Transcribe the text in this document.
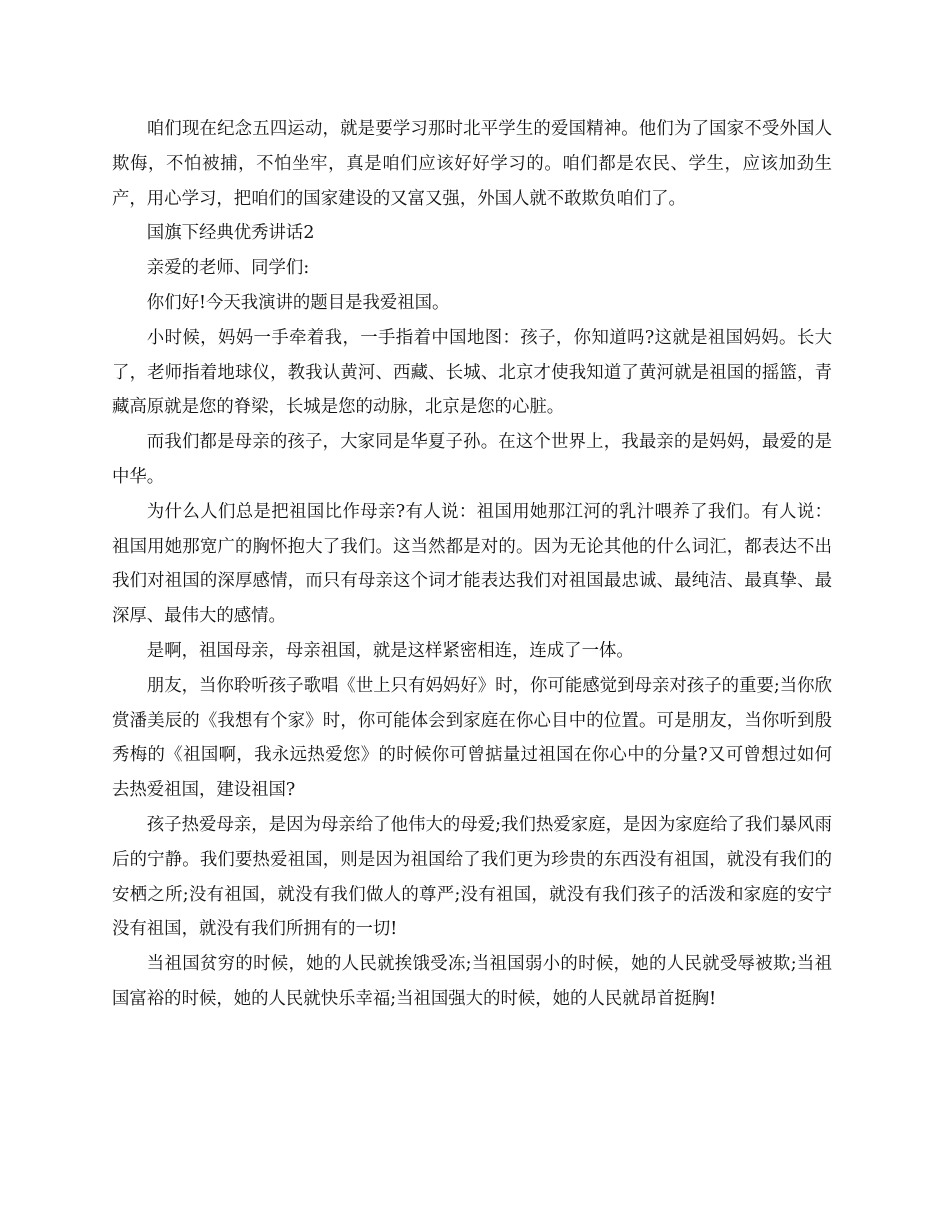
咱们现在纪念五四运动，就是要学习那时北平学生的爱国精神。他们为了国家不受外国人欺侮，不怕被捕，不怕坐牢，真是咱们应该好好学习的。咱们都是农民、学生，应该加劲生产，用心学习，把咱们的国家建设的又富又强，外国人就不敢欺负咱们了。

国旗下经典优秀讲话2

亲爱的老师、同学们:

你们好!今天我演讲的题目是我爱祖国。

小时候，妈妈一手牵着我，一手指着中国地图：孩子，你知道吗?这就是祖国妈妈。长大了，老师指着地球仪，教我认黄河、西藏、长城、北京才使我知道了黄河就是祖国的摇篮，青藏高原就是您的脊梁，长城是您的动脉，北京是您的心脏。

而我们都是母亲的孩子，大家同是华夏子孙。在这个世界上，我最亲的是妈妈，最爱的是中华。

为什么人们总是把祖国比作母亲?有人说：祖国用她那江河的乳汁喂养了我们。有人说：祖国用她那宽广的胸怀抱大了我们。这当然都是对的。因为无论其他的什么词汇，都表达不出我们对祖国的深厚感情，而只有母亲这个词才能表达我们对祖国最忠诚、最纯洁、最真挚、最深厚、最伟大的感情。

是啊，祖国母亲，母亲祖国，就是这样紧密相连，连成了一体。

朋友，当你聆听孩子歌唱《世上只有妈妈好》时，你可能感觉到母亲对孩子的重要;当你欣赏潘美辰的《我想有个家》时，你可能体会到家庭在你心目中的位置。可是朋友，当你听到殷秀梅的《祖国啊，我永远热爱您》的时候你可曾掂量过祖国在你心中的分量?又可曾想过如何去热爱祖国，建设祖国?

孩子热爱母亲，是因为母亲给了他伟大的母爱;我们热爱家庭，是因为家庭给了我们暴风雨后的宁静。我们要热爱祖国，则是因为祖国给了我们更为珍贵的东西没有祖国，就没有我们的安栖之所;没有祖国，就没有我们做人的尊严;没有祖国，就没有我们孩子的活泼和家庭的安宁没有祖国，就没有我们所拥有的一切!

当祖国贫穷的时候，她的人民就挨饿受冻;当祖国弱小的时候，她的人民就受辱被欺;当祖国富裕的时候，她的人民就快乐幸福;当祖国强大的时候，她的人民就昂首挺胸!
